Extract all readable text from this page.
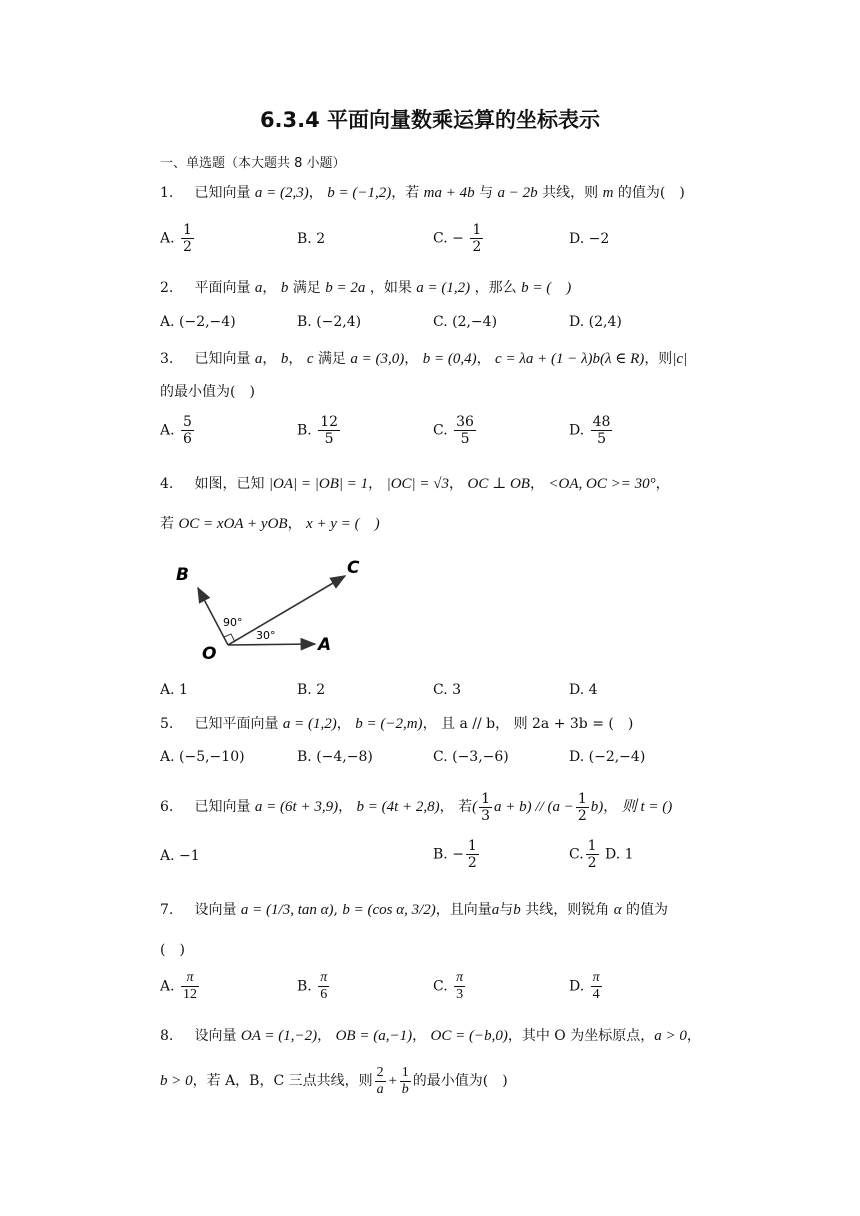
6.3.4 平面向量数乘运算的坐标表示
一、单选题（本大题共 8 小题）
1. 已知向量 a = (2,3)， b = (−1,2)，若 ma + 4b 与 a − 2b 共线，则 m 的值为(　)
A. $\frac{1}{2}$	B. 2	C. − $\frac{1}{2}$	D. −2
2. 平面向量 a， b 满足 b = 2a ，如果 a = (1,2) ，那么 b = (　)
A. (−2,−4)	B. (−2,4)	C. (2,−4)	D. (2,4)
3. 已知向量 a， b， c 满足 a = (3,0)， b = (0,4)， c = λa + (1 − λ)b(λ ∈ R)，则|c|
的最小值为(　)
A. $\frac{5}{6}$	B. $\frac{12}{5}$	C. $\frac{36}{5}$	D. $\frac{48}{5}$
4. 如图，已知 |OA| = |OB| = 1， |OC| = √3， OC ⊥ OB， <OA, OC >= 30°，
若 OC = xOA + yOB， x + y = (　)
B	C
O	A
90°
30°
A. 1	B. 2	C. 3	D. 4
5. 已知平面向量 a = (1,2)， b = (−2,m)， 且 a // b， 则 2a + 3b = (　)
A. (−5,−10)	B. (−4,−8)	C. (−3,−6)	D. (−2,−4)
6. 已知向量 a = (6t + 3,9)， b = (4t + 2,8)， 若( $\frac{1}{3}$ $a + b) // (a - \frac{1}{2} b)$， 则 t = ()
A. −1	B. − $\frac{1}{2}$	C. $\frac{1}{2} D$. 1
7. 设向量 a = (1/3, tan α), b = (cos α, 3/2)，且向量a与b 共线，则锐角 α 的值为
(　)
A. $\frac{\pi}{12}$	B. $\frac{\pi}{6}$	C. $\frac{\pi}{3}$	D. $\frac{\pi}{4}$
8. 设向量 OA = (1,−2)， OB = (a,−1)， OC = (−b,0)，其中 O 为坐标原点，a > 0，
b > 0，若 A，B，C 三点共线，则 $\frac{2}{a} + \frac{1}{b}$ 的最小值为(　)
